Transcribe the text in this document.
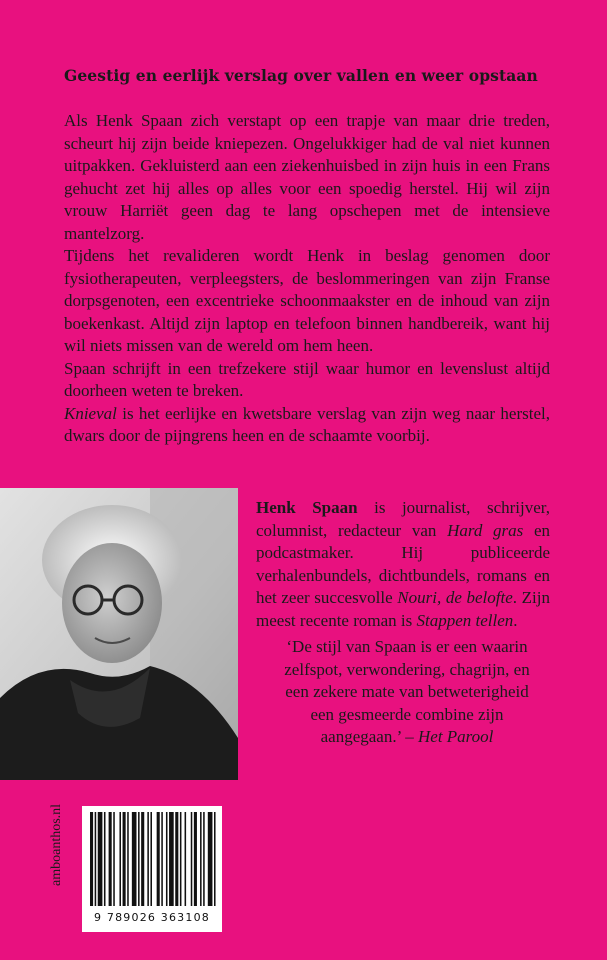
Geestig en eerlijk verslag over vallen en weer opstaan

Als Henk Spaan zich verstapt op een trapje van maar drie treden, scheurt hij zijn beide kniepezen. Ongelukkiger had de val niet kunnen uitpakken. Gekluisterd aan een ziekenhuisbed in zijn huis in een Frans gehucht zet hij alles op alles voor een spoedig herstel. Hij wil zijn vrouw Harriët geen dag te lang opschepen met de intensieve mantelzorg.

Tijdens het revalideren wordt Henk in beslag genomen door fysiotherapeuten, verpleegsters, de beslommeringen van zijn Franse dorpsgenoten, een excentrieke schoonmaakster en de inhoud van zijn boekenkast. Altijd zijn laptop en telefoon binnen handbereik, want hij wil niets missen van de wereld om hem heen.

Spaan schrijft in een trefzekere stijl waar humor en levenslust altijd doorheen weten te breken.

Knieval is het eerlijke en kwetsbare verslag van zijn weg naar herstel, dwars door de pijngrens heen en de schaamte voorbij.

Henk Spaan is journalist, schrijver, columnist, redacteur van Hard gras en podcastmaker. Hij publiceerde verhalenbundels, dichtbundels, romans en het zeer succesvolle Nouri, de belofte. Zijn meest recente roman is Stappen tellen.

‘De stijl van Spaan is er een waarin zelfspot, verwondering, chagrijn, en een zekere mate van betweterigheid een gesmeerde combine zijn aangegaan.’ – Het Parool

amboanthos.nl
9 789026 363108
